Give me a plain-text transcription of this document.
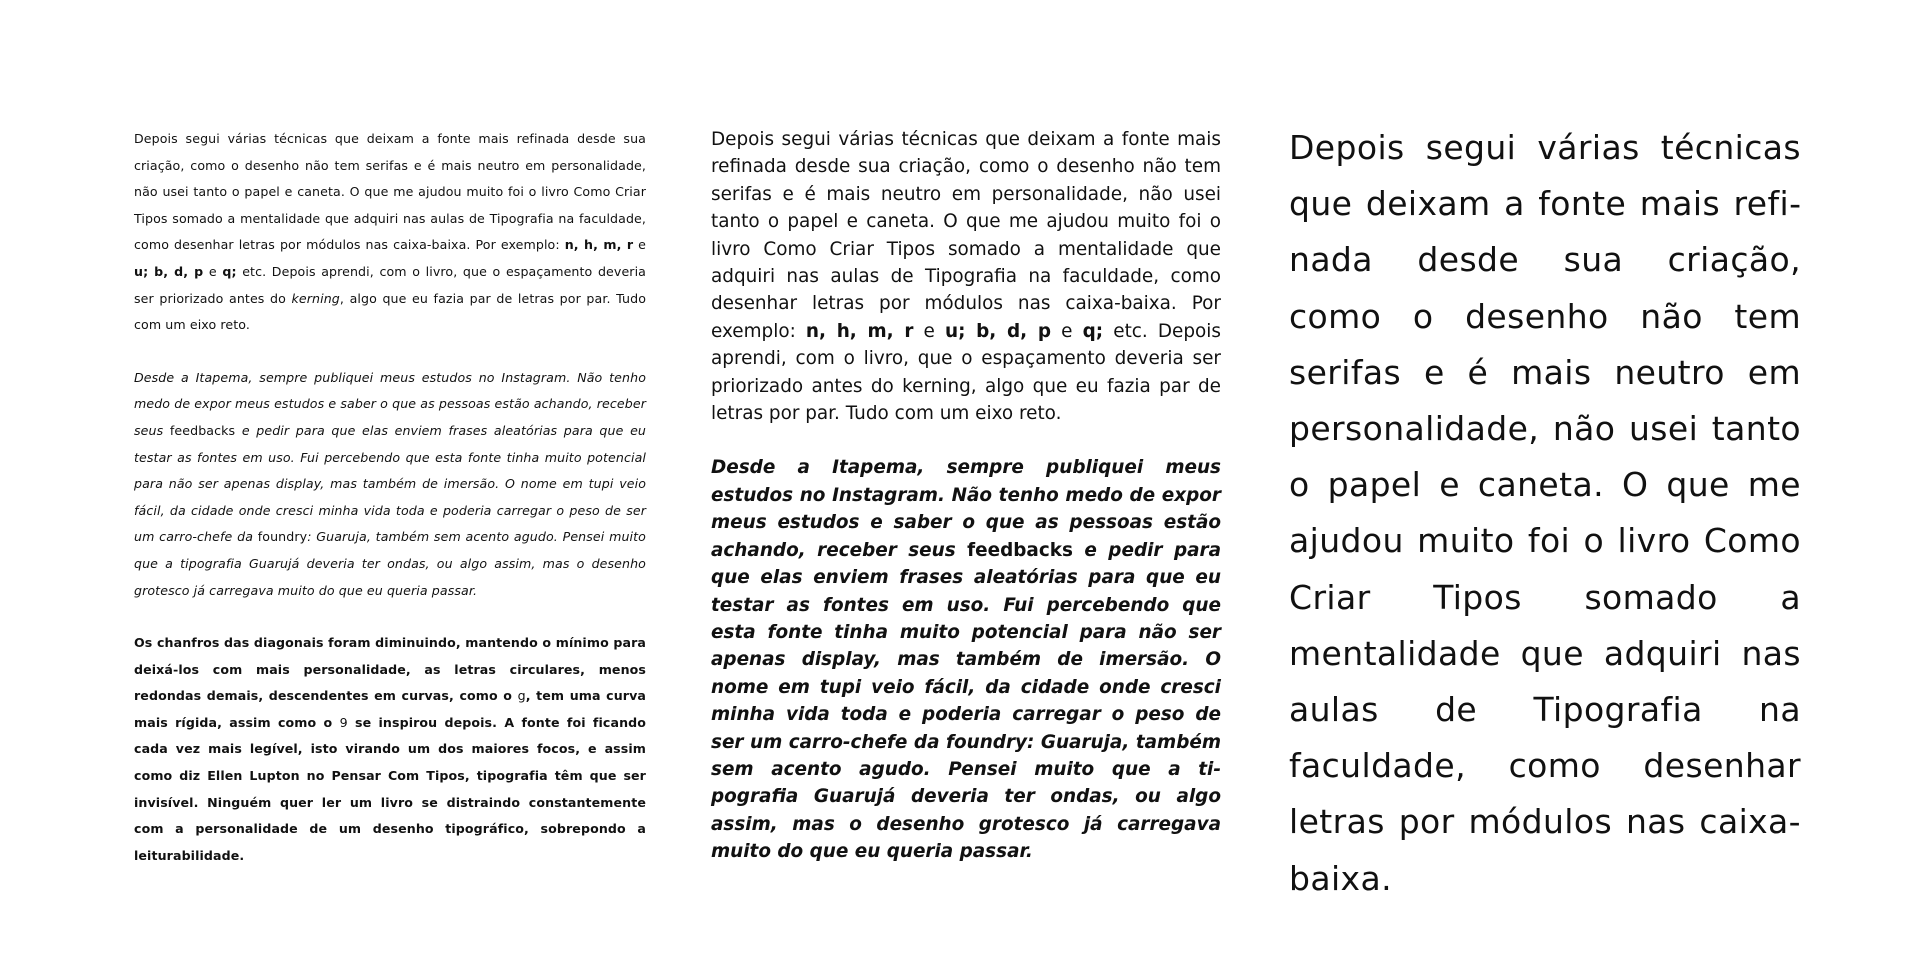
Depois segui várias técnicas que deixam a fonte mais refinada desde sua criação, como o desenho não tem serifas e é mais neutro em personalidade, não usei tanto o papel e caneta. O que me ajudou muito foi o livro Como Criar Tipos somado a mentalidade que adquiri nas aulas de Tipografia na faculdade, como desenhar letras por módulos nas caixa-baixa. Por exemplo: n, h, m, r e u; b, d, p e q; etc. Depois aprendi, com o livro, que o espaçamento deveria ser priorizado antes do kerning, algo que eu fazia par de letras por par. Tudo com um eixo reto.

Desde a Itapema, sempre publiquei meus estudos no Instagram. Não tenho medo de expor meus estudos e saber o que as pessoas estão achando, receber seus feedbacks e pedir para que elas enviem frases aleatórias para que eu testar as fontes em uso. Fui percebendo que esta fonte tinha muito potencial para não ser apenas display, mas também de imersão. O nome em tupi veio fácil, da cidade onde cresci minha vida toda e poderia carregar o peso de ser um carro-chefe da foundry: Guaruja, também sem acento agudo. Pensei muito que a tipografia Guarujá deveria ter ondas, ou algo assim, mas o desenho grotesco já carregava muito do que eu queria passar.

Os chanfros das diagonais foram diminuindo, mantendo o mínimo para deixá-los com mais personalidade, as letras circulares, menos redondas demais, descendentes em curvas, como o g, tem uma curva mais rígida, assim como o 9 se inspirou depois. A fonte foi ficando cada vez mais legível, isto virando um dos maiores focos, e assim como diz Ellen Lupton no Pensar Com Tipos, tipografia têm que ser invisível. Ninguém quer ler um livro se distraindo constantemente com a personalidade de um desenho tipográfico, sobrepondo a leiturabilidade.

Depois segui várias técnicas que deixam a fonte mais refinada desde sua criação, como o desenho não tem serifas e é mais neutro em personalidade, não usei tanto o papel e caneta. O que me ajudou muito foi o livro Como Criar Tipos somado a mentalidade que adquiri nas aulas de Tipografia na faculdade, como desenhar letras por módulos nas caixa-baixa. Por exemplo: n, h, m, r e u; b, d, p e q; etc. Depois aprendi, com o livro, que o espaçamento deveria ser priorizado antes do kerning, algo que eu fazia par de letras por par. Tudo com um eixo reto.

Desde a Itapema, sempre publiquei meus estudos no Instagram. Não tenho medo de expor meus estudos e saber o que as pessoas estão achando, receber seus feedbacks e pedir para que elas enviem frases aleatórias para que eu testar as fontes em uso. Fui percebendo que esta fonte tinha muito potencial para não ser apenas display, mas também de imersão. O nome em tupi veio fácil, da cidade onde cresci minha vida toda e poderia carregar o peso de ser um carro-chefe da foundry: Guaruja, também sem acento agudo. Pensei muito que a tipografia Guarujá deveria ter ondas, ou algo assim, mas o desenho grotesco já carregava muito do que eu queria passar.

Depois segui várias técnicas que deixam a fonte mais refinada desde sua criação, como o desenho não tem serifas e é mais neutro em personalidade, não usei tanto o papel e caneta. O que me ajudou muito foi o livro Como Criar Tipos somado a mentalidade que adquiri nas aulas de Tipografia na faculdade, como desenhar letras por módulos nas caixa-baixa.
